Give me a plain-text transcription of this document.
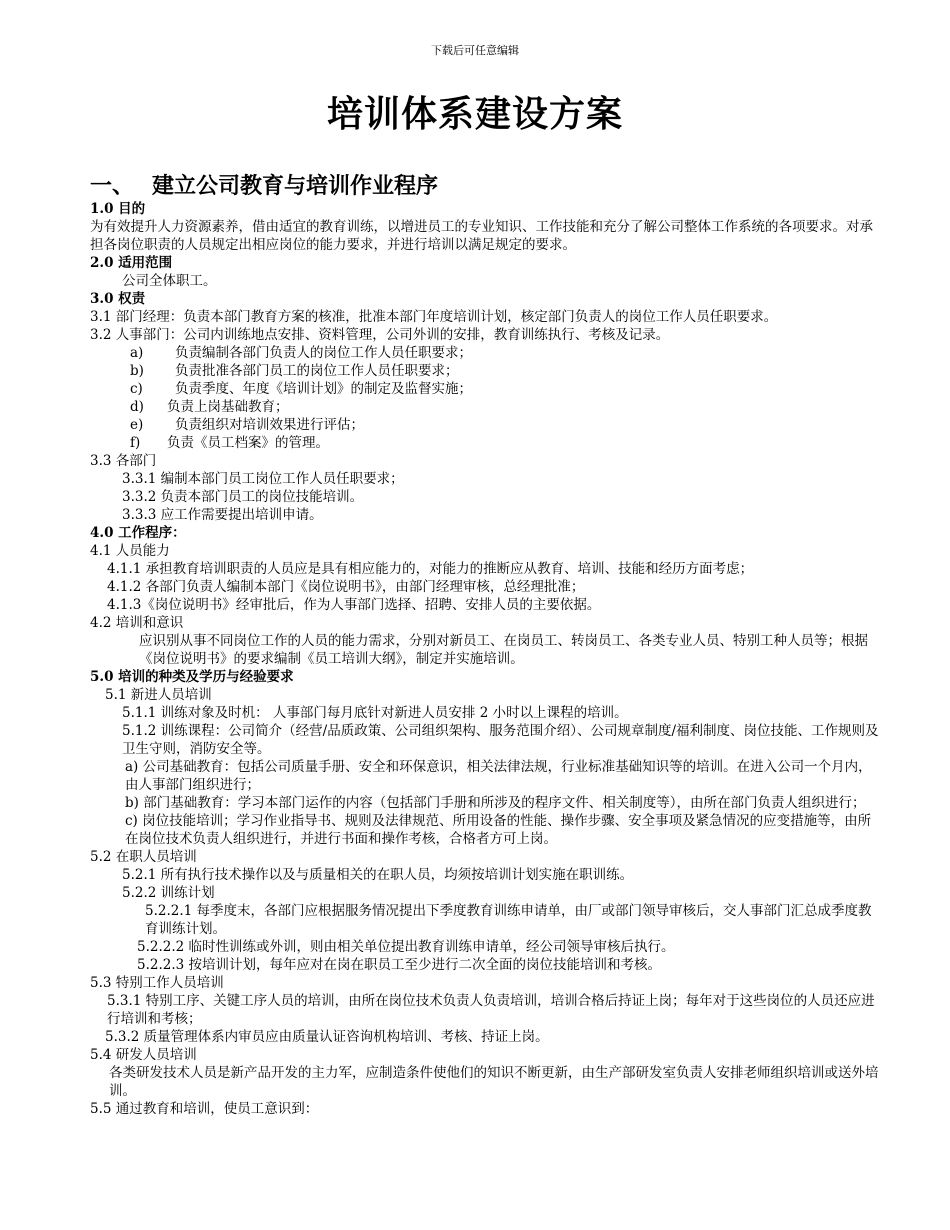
下载后可任意编辑
培训体系建设方案
一、 建立公司教育与培训作业程序
1.0 目的
为有效提升人力资源素养，借由适宜的教育训练，以增进员工的专业知识、工作技能和充分了解公司整体工作系统的各项要求。对承担各岗位职责的人员规定出相应岗位的能力要求，并进行培训以满足规定的要求。
2.0 适用范围
公司全体职工。
3.0 权责
3.1 部门经理：负责本部门教育方案的核准，批准本部门年度培训计划，核定部门负责人的岗位工作人员任职要求。
3.2 人事部门：公司内训练地点安排、资料管理，公司外训的安排，教育训练执行、考核及记录。
a) 负责编制各部门负责人的岗位工作人员任职要求；
b) 负责批准各部门员工的岗位工作人员任职要求；
c) 负责季度、年度《培训计划》的制定及监督实施；
d) 负责上岗基础教育；
e) 负责组织对培训效果进行评估；
f) 负责《员工档案》的管理。
3.3 各部门
3.3.1 编制本部门员工岗位工作人员任职要求；
3.3.2 负责本部门员工的岗位技能培训。
3.3.3 应工作需要提出培训申请。
4.0 工作程序：
4.1 人员能力
4.1.1 承担教育培训职责的人员应是具有相应能力的，对能力的推断应从教育、培训、技能和经历方面考虑；
4.1.2 各部门负责人编制本部门《岗位说明书》，由部门经理审核，总经理批准；
4.1.3《岗位说明书》经审批后，作为人事部门选择、招聘、安排人员的主要依据。
4.2 培训和意识
应识别从事不同岗位工作的人员的能力需求，分别对新员工、在岗员工、转岗员工、各类专业人员、特别工种人员等；根据《岗位说明书》的要求编制《员工培训大纲》，制定并实施培训。
5.0 培训的种类及学历与经验要求
5.1 新进人员培训
5.1.1 训练对象及时机： 人事部门每月底针对新进人员安排 2 小时以上课程的培训。
5.1.2 训练课程：公司简介（经营/品质政策、公司组织架构、服务范围介绍）、公司规章制度/福利制度、岗位技能、工作规则及卫生守则，消防安全等。
a) 公司基础教育：包括公司质量手册、安全和环保意识，相关法律法规，行业标准基础知识等的培训。在进入公司一个月内， 由人事部门组织进行；
b) 部门基础教育：学习本部门运作的内容（包括部门手册和所涉及的程序文件、相关制度等），由所在部门负责人组织进行；
c) 岗位技能培训；学习作业指导书、规则及法律规范、所用设备的性能、操作步骤、安全事项及紧急情况的应变措施等，由所在岗位技术负责人组织进行，并进行书面和操作考核，合格者方可上岗。
5.2 在职人员培训
5.2.1 所有执行技术操作以及与质量相关的在职人员，均须按培训计划实施在职训练。
5.2.2 训练计划
5.2.2.1 每季度末，各部门应根据服务情况提出下季度教育训练申请单，由厂或部门领导审核后，交人事部门汇总成季度教育训练计划。
5.2.2.2 临时性训练或外训，则由相关单位提出教育训练申请单，经公司领导审核后执行。
5.2.2.3 按培训计划，每年应对在岗在职员工至少进行二次全面的岗位技能培训和考核。
5.3 特别工作人员培训
5.3.1 特别工序、关键工序人员的培训，由所在岗位技术负责人负责培训，培训合格后持证上岗；每年对于这些岗位的人员还应进行培训和考核；
5.3.2 质量管理体系内审员应由质量认证咨询机构培训、考核、持证上岗。
5.4 研发人员培训
各类研发技术人员是新产品开发的主力军，应制造条件使他们的知识不断更新，由生产部研发室负责人安排老师组织培训或送外培训。
5.5 通过教育和培训，使员工意识到：
